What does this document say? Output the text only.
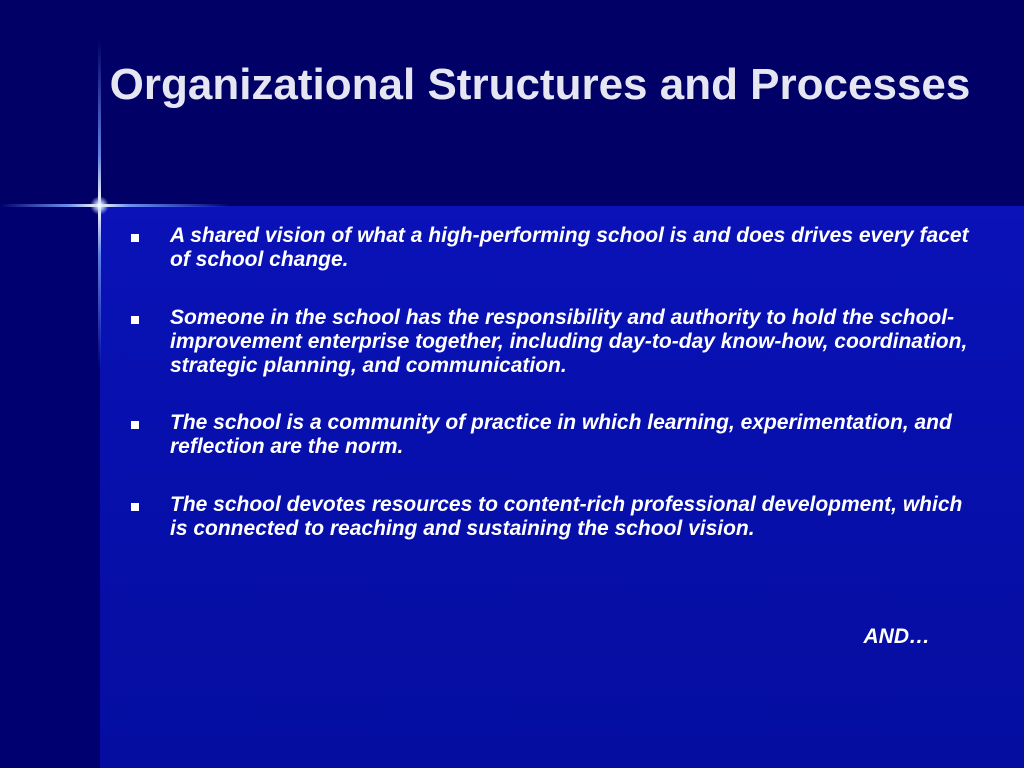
Organizational Structures and Processes
A shared vision of what a high-performing school is and does drives every facet of school change.
Someone in the school has the responsibility and authority to hold the school-improvement enterprise together, including day-to-day know-how, coordination, strategic planning, and communication.
The school is a community of practice in which learning, experimentation, and reflection are the norm.
The school devotes resources to content-rich professional development, which is connected to reaching and sustaining the school vision.
AND…
